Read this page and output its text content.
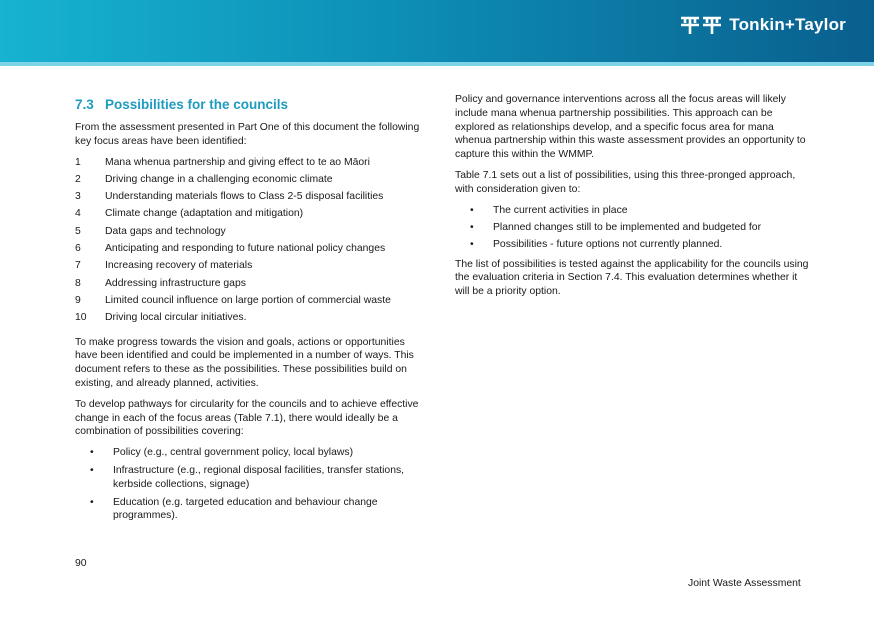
Tonkin+Taylor
7.3 Possibilities for the councils

From the assessment presented in Part One of this document the following key focus areas have been identified:

1	Mana whenua partnership and giving effect to te ao Māori
2	Driving change in a challenging economic climate
3	Understanding materials flows to Class 2-5 disposal facilities
4	Climate change (adaptation and mitigation)
5	Data gaps and technology
6	Anticipating and responding to future national policy changes
7	Increasing recovery of materials
8	Addressing infrastructure gaps
9	Limited council influence on large portion of commercial waste
10	Driving local circular initiatives.

To make progress towards the vision and goals, actions or opportunities have been identified and could be implemented in a number of ways. This document refers to these as the possibilities. These possibilities build on existing, and already planned, activities.

To develop pathways for circularity for the councils and to achieve effective change in each of the focus areas (Table 7.1), there would ideally be a combination of possibilities covering:

• Policy (e.g., central government policy, local bylaws)
• Infrastructure (e.g., regional disposal facilities, transfer stations, kerbside collections, signage)
• Education (e.g. targeted education and behaviour change programmes).

Policy and governance interventions across all the focus areas will likely include mana whenua partnership possibilities. This approach can be explored as relationships develop, and a specific focus area for mana whenua partnership within this waste assessment provides an opportunity to capture this within the WMMP.

Table 7.1 sets out a list of possibilities, using this three-pronged approach, with consideration given to:

• The current activities in place
• Planned changes still to be implemented and budgeted for
• Possibilities - future options not currently planned.

The list of possibilities is tested against the applicability for the councils using the evaluation criteria in Section 7.4. This evaluation determines whether it will be a priority option.

90
Joint Waste Assessment
